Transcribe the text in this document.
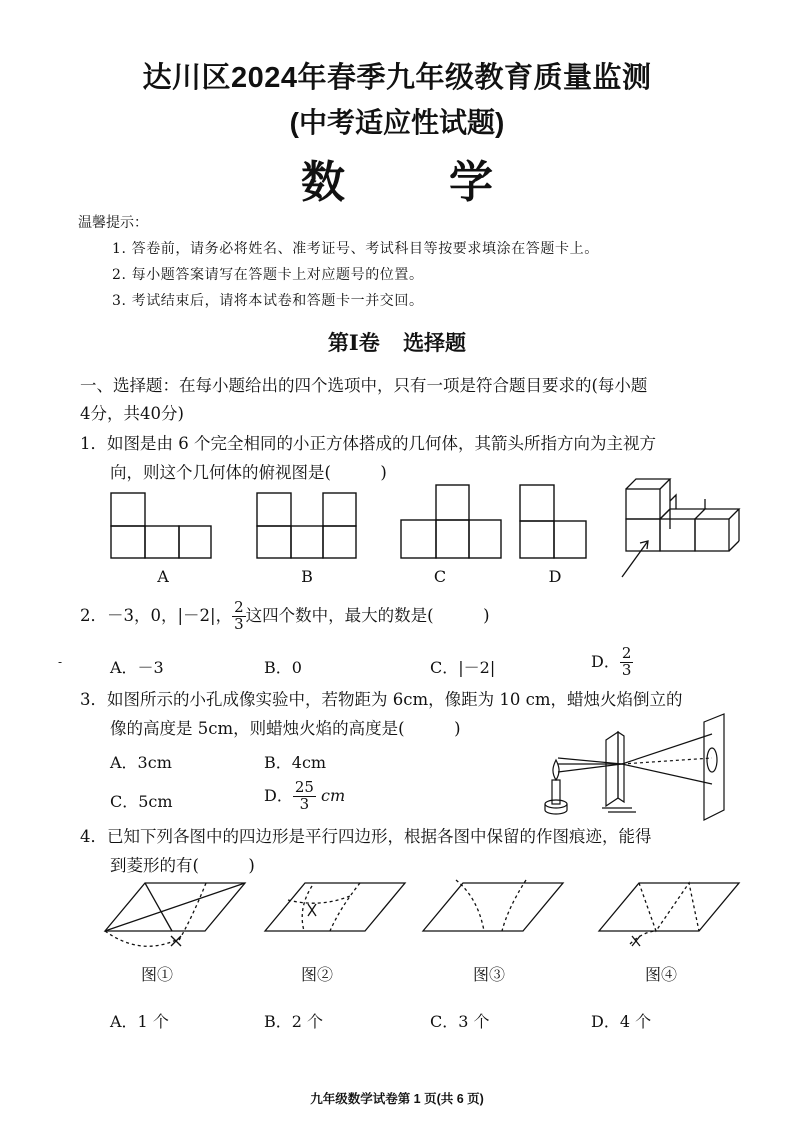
达川区2024年春季九年级教育质量监测
(中考适应性试题)
数　学
温馨提示：
1. 答卷前，请务必将姓名、准考证号、考试科目等按要求填涂在答题卡上。
2. 每小题答案请写在答题卡上对应题号的位置。
3. 考试结束后，请将本试卷和答题卡一并交回。
第I卷 选择题
一、选择题：在每小题给出的四个选项中，只有一项是符合题目要求的(每小题
4分，共40分)
1．如图是由 6 个完全相同的小正方体搭成的几何体，其箭头所指方向为主视方
向，则这个几何体的俯视图是(　　　)
A	B	C	D
2．－3，0，|－2|， $\frac{2}{3}$ 这四个数中，最大的数是(　　　)
-	A．－3	B．0	C．|－2|	D． $\frac{2}{3}$
3．如图所示的小孔成像实验中，若物距为 6cm，像距为 10 cm，蜡烛火焰倒立的
像的高度是 5cm，则蜡烛火焰的高度是(　　　)
A．3cm	B．4cm
C．5cm	D． $\frac{25}{3}$ cm
4．已知下列各图中的四边形是平行四边形，根据各图中保留的作图痕迹，能得
到菱形的有(　　　)
图①	图②	图③	图④
A．1 个	B．2 个	C．3 个	D．4 个
九年级数学试卷第 1 页(共 6 页)
